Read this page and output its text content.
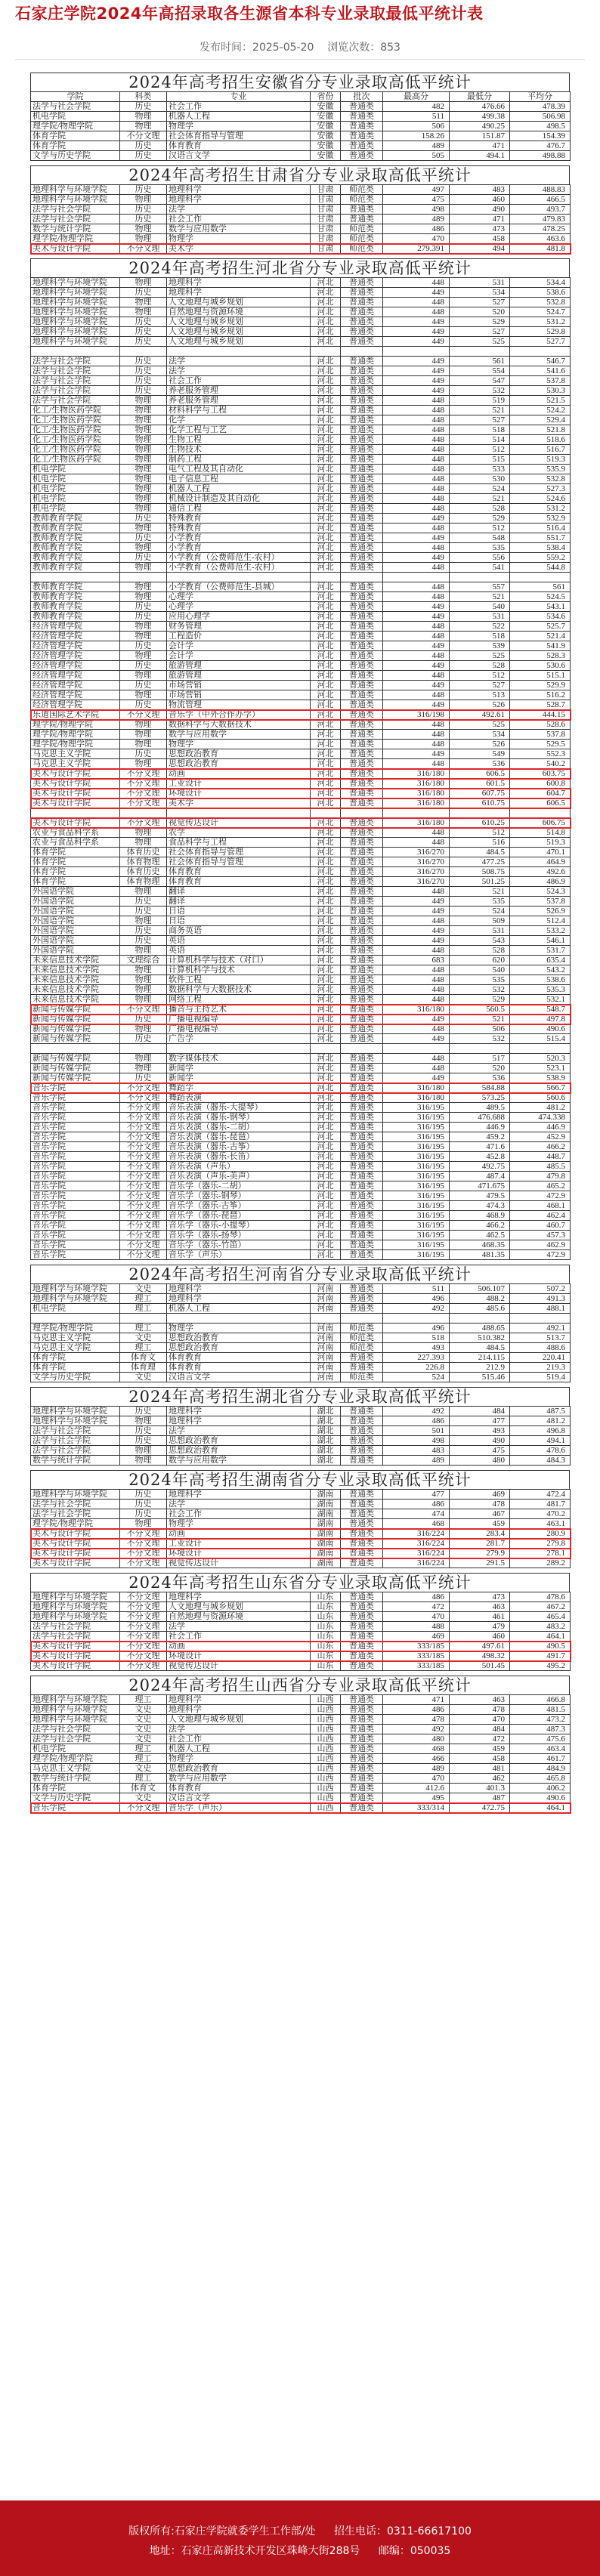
石家庄学院2024年高招录取各生源省本科专业录取最低平统计表
发布时间：2025-05-20 浏览次数：853
2024年高考招生安徽省分专业录取高低平统计
学院	科类	专业	省份	批次	最高分	最低分	平均分
法学与社会学院	历史	社会工作	安徽	普通类	482	476.66	478.39
机电学院	物理	机器人工程	安徽	普通类	511	499.38	506.98
理学院/物理学院	物理	物理学	安徽	普通类	506	490.25	498.5
体育学院	不分文理	社会体育指导与管理	安徽	普通类	158.26	151.87	154.39
体育学院	历史	体育教育	安徽	普通类	489	471	476.7
文学与历史学院	历史	汉语言文学	安徽	普通类	505	494.1	498.88
2024年高考招生甘肃省分专业录取高低平统计
地理科学与环境学院	历史	地理科学	甘肃	师范类	497	483	488.83
地理科学与环境学院	物理	地理科学	甘肃	师范类	475	460	466.5
法学与社会学院	历史	法学	甘肃	普通类	498	490	493.7
法学与社会学院	历史	社会工作	甘肃	普通类	489	471	479.83
数学与统计学院	物理	数学与应用数学	甘肃	师范类	486	473	478.25
理学院/物理学院	物理	物理学	甘肃	师范类	470	458	463.6
美术与设计学院	不分文理	美术学	甘肃	师范类	279.391	494	481.8
2024年高考招生河北省分专业录取高低平统计
地理科学与环境学院	物理	地理科学	河北	普通类	448	531	534.4
地理科学与环境学院	历史	地理科学	河北	普通类	449	534	538.6
地理科学与环境学院	物理	人文地理与城乡规划	河北	普通类	448	527	532.8
地理科学与环境学院	物理	自然地理与资源环境	河北	普通类	448	520	524.7
地理科学与环境学院	历史	人文地理与城乡规划	河北	普通类	449	529	531.2
地理科学与环境学院	历史	人文地理与城乡规划	河北	普通类	449	527	529.8
地理科学与环境学院	历史	人文地理与城乡规划	河北	普通类	449	525	527.7

法学与社会学院	历史	法学	河北	普通类	449	561	546.7
法学与社会学院	历史	法学	河北	普通类	449	554	541.6
法学与社会学院	历史	社会工作	河北	普通类	449	547	537.8
法学与社会学院	历史	养老服务管理	河北	普通类	449	532	530.3
法学与社会学院	物理	养老服务管理	河北	普通类	448	519	521.5
化工/生物医药学院	物理	材料科学与工程	河北	普通类	448	521	524.2
化工/生物医药学院	物理	化学	河北	普通类	448	527	529.4
化工/生物医药学院	物理	化学工程与工艺	河北	普通类	448	518	521.8
化工/生物医药学院	物理	生物工程	河北	普通类	448	514	518.6
化工/生物医药学院	物理	生物技术	河北	普通类	448	512	516.7
化工/生物医药学院	物理	制药工程	河北	普通类	448	515	519.3
机电学院	物理	电气工程及其自动化	河北	普通类	448	533	535.9
机电学院	物理	电子信息工程	河北	普通类	448	530	532.8
机电学院	物理	机器人工程	河北	普通类	448	524	527.3
机电学院	物理	机械设计制造及其自动化	河北	普通类	448	521	524.6
机电学院	物理	通信工程	河北	普通类	448	528	531.2
教师教育学院	历史	特殊教育	河北	普通类	449	529	532.9
教师教育学院	物理	特殊教育	河北	普通类	448	512	516.4
教师教育学院	历史	小学教育	河北	普通类	449	548	551.7
教师教育学院	物理	小学教育	河北	普通类	448	535	538.4
教师教育学院	历史	小学教育（公费师范生-农村）	河北	普通类	449	556	559.2
教师教育学院	物理	小学教育（公费师范生-农村）	河北	普通类	448	541	544.8

教师教育学院	物理	小学教育（公费师范生-县城）	河北	普通类	448	557	561
教师教育学院	物理	心理学	河北	普通类	448	521	524.5
教师教育学院	历史	心理学	河北	普通类	449	540	543.1
教师教育学院	历史	应用心理学	河北	普通类	449	531	534.6
经济管理学院	物理	财务管理	河北	普通类	448	522	525.7
经济管理学院	物理	工程造价	河北	普通类	448	518	521.4
经济管理学院	历史	会计学	河北	普通类	449	539	541.9
经济管理学院	物理	会计学	河北	普通类	448	525	528.3
经济管理学院	历史	旅游管理	河北	普通类	449	528	530.6
经济管理学院	物理	旅游管理	河北	普通类	448	512	515.1
经济管理学院	历史	市场营销	河北	普通类	449	527	529.9
经济管理学院	物理	市场营销	河北	普通类	448	513	516.2
经济管理学院	历史	物流管理	河北	普通类	449	526	528.7
乐道国际艺术学院	不分文理	音乐学（中外合作办学）	河北	普通类	316/198	492.61	444.15
理学院/物理学院	物理	数据科学与大数据技术	河北	普通类	448	525	528.6
理学院/物理学院	物理	数学与应用数学	河北	普通类	448	534	537.8
理学院/物理学院	物理	物理学	河北	普通类	448	526	529.5
马克思主义学院	历史	思想政治教育	河北	普通类	449	549	552.3
马克思主义学院	物理	思想政治教育	河北	普通类	448	536	540.2
美术与设计学院	不分文理	动画	河北	普通类	316/180	606.5	603.75
美术与设计学院	不分文理	工业设计	河北	普通类	316/180	601.5	600.8
美术与设计学院	不分文理	环境设计	河北	普通类	316/180	607.75	604.7
美术与设计学院	不分文理	美术学	河北	普通类	316/180	610.75	606.5

美术与设计学院	不分文理	视觉传达设计	河北	普通类	316/180	610.25	606.75
农业与食品科学系	物理	农学	河北	普通类	448	512	514.8
农业与食品科学系	物理	食品科学与工程	河北	普通类	448	516	519.3
体育学院	体育历史	社会体育指导与管理	河北	普通类	316/270	484.5	470.1
体育学院	体育物理	社会体育指导与管理	河北	普通类	316/270	477.25	464.9
体育学院	体育历史	体育教育	河北	普通类	316/270	508.75	492.6
体育学院	体育物理	体育教育	河北	普通类	316/270	501.25	486.9
外国语学院	物理	翻译	河北	普通类	448	521	524.3
外国语学院	历史	翻译	河北	普通类	449	535	537.8
外国语学院	历史	日语	河北	普通类	449	524	526.9
外国语学院	物理	日语	河北	普通类	448	509	512.4
外国语学院	历史	商务英语	河北	普通类	449	531	533.2
外国语学院	历史	英语	河北	普通类	449	543	546.1
外国语学院	物理	英语	河北	普通类	448	528	531.7
未来信息技术学院	文理综合	计算机科学与技术（对口）	河北	普通类	683	620	635.4
未来信息技术学院	物理	计算机科学与技术	河北	普通类	448	540	543.2
未来信息技术学院	物理	软件工程	河北	普通类	448	535	538.6
未来信息技术学院	物理	数据科学与大数据技术	河北	普通类	448	532	535.3
未来信息技术学院	物理	网络工程	河北	普通类	448	529	532.1
新闻与传媒学院	不分文理	播音与主持艺术	河北	普通类	316/180	560.5	548.7
新闻与传媒学院	历史	广播电视编导	河北	普通类	449	521	497.8
新闻与传媒学院	物理	广播电视编导	河北	普通类	448	506	490.6
新闻与传媒学院	历史	广告学	河北	普通类	449	532	515.4

新闻与传媒学院	物理	数字媒体技术	河北	普通类	448	517	520.3
新闻与传媒学院	物理	新闻学	河北	普通类	448	520	523.1
新闻与传媒学院	历史	新闻学	河北	普通类	449	536	538.9
音乐学院	不分文理	舞蹈学	河北	普通类	316/180	584.88	566.7
音乐学院	不分文理	舞蹈表演	河北	普通类	316/180	573.25	560.6
音乐学院	不分文理	音乐表演（器乐-大提琴）	河北	普通类	316/195	489.5	481.2
音乐学院	不分文理	音乐表演（器乐-钢琴）	河北	普通类	316/195	476.688	474.338
音乐学院	不分文理	音乐表演（器乐-二胡）	河北	普通类	316/195	446.9	446.9
音乐学院	不分文理	音乐表演（器乐-琵琶）	河北	普通类	316/195	459.2	452.9
音乐学院	不分文理	音乐表演（器乐-古筝）	河北	普通类	316/195	471.6	466.2
音乐学院	不分文理	音乐表演（器乐-长笛）	河北	普通类	316/195	452.8	448.7
音乐学院	不分文理	音乐表演（声乐）	河北	普通类	316/195	492.75	485.5
音乐学院	不分文理	音乐表演（声乐-美声）	河北	普通类	316/195	487.4	479.8
音乐学院	不分文理	音乐学（器乐-二胡）	河北	普通类	316/195	471.675	465.2
音乐学院	不分文理	音乐学（器乐-钢琴）	河北	普通类	316/195	479.5	472.9
音乐学院	不分文理	音乐学（器乐-古筝）	河北	普通类	316/195	474.3	468.1
音乐学院	不分文理	音乐学（器乐-琵琶）	河北	普通类	316/195	468.9	462.4
音乐学院	不分文理	音乐学（器乐-小提琴）	河北	普通类	316/195	466.2	460.7
音乐学院	不分文理	音乐学（器乐-扬琴）	河北	普通类	316/195	462.5	457.3
音乐学院	不分文理	音乐学（器乐-竹笛）	河北	普通类	316/195	468.35	462.9
音乐学院	不分文理	音乐学（声乐）	河北	普通类	316/195	481.35	472.9
2024年高考招生河南省分专业录取高低平统计
地理科学与环境学院	文史	地理科学	河南	普通类	511	506.107	507.2
地理科学与环境学院	理工	地理科学	河南	普通类	496	488.2	491.3
机电学院	理工	机器人工程	河南	普通类	492	485.6	488.1

理学院/物理学院	理工	物理学	河南	师范类	496	488.65	492.1
马克思主义学院	文史	思想政治教育	河南	师范类	518	510.382	513.7
马克思主义学院	理工	思想政治教育	河南	师范类	493	484.5	488.6
体育学院	体育文	体育教育	河南	普通类	227.393	214.115	220.41
体育学院	体育理	体育教育	河南	普通类	226.8	212.9	219.3
文学与历史学院	文史	汉语言文学	河南	师范类	524	515.46	519.4
2024年高考招生湖北省分专业录取高低平统计
地理科学与环境学院	历史	地理科学	湖北	普通类	492	484	487.5
地理科学与环境学院	物理	地理科学	湖北	普通类	486	477	481.2
法学与社会学院	历史	法学	湖北	普通类	501	493	496.8
法学与社会学院	历史	思想政治教育	湖北	普通类	498	490	494.1
法学与社会学院	物理	思想政治教育	湖北	普通类	483	475	478.6
数学与统计学院	物理	数学与应用数学	湖北	普通类	489	480	484.3
2024年高考招生湖南省分专业录取高低平统计
地理科学与环境学院	历史	地理科学	湖南	普通类	477	469	472.4
法学与社会学院	历史	法学	湖南	普通类	486	478	481.7
法学与社会学院	历史	社会工作	湖南	普通类	474	467	470.2
理学院/物理学院	物理	物理学	湖南	普通类	468	459	463.1
美术与设计学院	不分文理	动画	湖南	普通类	316/224	283.4	280.9
美术与设计学院	不分文理	工业设计	湖南	普通类	316/224	281.7	279.8
美术与设计学院	不分文理	环境设计	湖南	普通类	316/224	279.9	278.1
美术与设计学院	不分文理	视觉传达设计	湖南	普通类	316/224	291.5	289.2
2024年高考招生山东省分专业录取高低平统计
地理科学与环境学院	不分文理	地理科学	山东	普通类	486	473	478.6
地理科学与环境学院	不分文理	人文地理与城乡规划	山东	普通类	472	463	467.2
地理科学与环境学院	不分文理	自然地理与资源环境	山东	普通类	470	461	465.4
法学与社会学院	不分文理	法学	山东	普通类	488	479	483.2
法学与社会学院	不分文理	社会工作	山东	普通类	469	460	464.1
美术与设计学院	不分文理	动画	山东	普通类	333/185	497.61	490.5
美术与设计学院	不分文理	环境设计	山东	普通类	333/185	498.32	491.7
美术与设计学院	不分文理	视觉传达设计	山东	普通类	333/185	501.45	495.2
2024年高考招生山西省分专业录取高低平统计
地理科学与环境学院	理工	地理科学	山西	普通类	471	463	466.8
地理科学与环境学院	文史	地理科学	山西	普通类	486	478	481.5
地理科学与环境学院	文史	人文地理与城乡规划	山西	普通类	478	470	473.2
法学与社会学院	文史	法学	山西	普通类	492	484	487.3
法学与社会学院	文史	社会工作	山西	普通类	480	472	475.6
机电学院	理工	机器人工程	山西	普通类	468	459	463.4
理学院/物理学院	理工	物理学	山西	普通类	466	458	461.7
马克思主义学院	文史	思想政治教育	山西	普通类	489	481	484.9
数学与统计学院	理工	数学与应用数学	山西	普通类	470	462	465.8
体育学院	体育文	体育教育	山西	普通类	412.6	401.3	406.2
文学与历史学院	文史	汉语言文学	山西	普通类	495	487	490.6
音乐学院	不分文理	音乐学（声乐）	山西	普通类	333/314	472.75	464.1
版权所有:石家庄学院就委学生工作部/处 招生电话：0311-66617100
地址：石家庄高新技术开发区珠峰大街288号 邮编：050035
